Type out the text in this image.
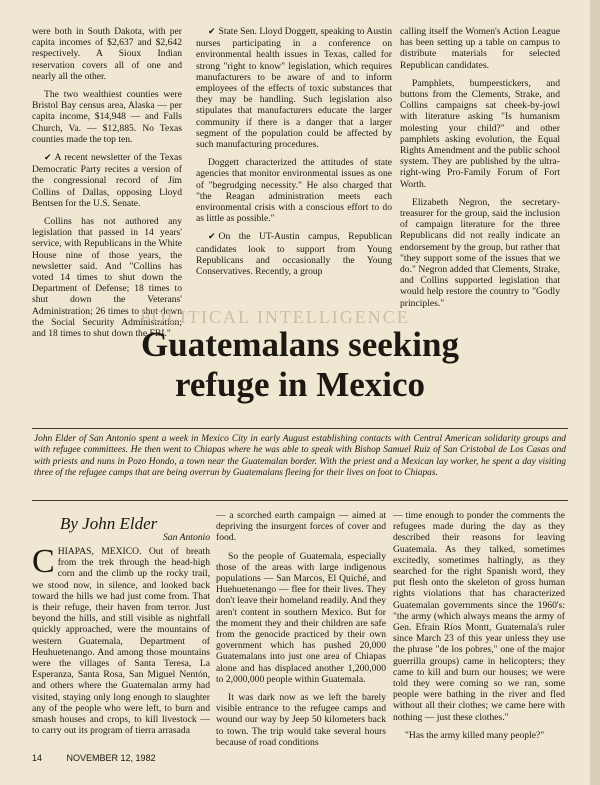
were both in South Dakota, with per capita incomes of $2,637 and $2,642 respectively. A Sioux Indian reservation covers all of one and nearly all the other.

The two wealthiest counties were Bristol Bay census area, Alaska — per capita income, $14,948 — and Falls Church, Va. — $12,885. No Texas counties made the top ten.

✔ A recent newsletter of the Texas Democratic Party recites a version of the congressional record of Jim Collins of Dallas, opposing Lloyd Bentsen for the U.S. Senate.

Collins has not authored any legislation that passed in 14 years' service, with Republicans in the White House nine of those years, the newsletter said. And "Collins has voted 14 times to shut down the Department of Defense; 18 times to shut down the Veterans' Administration; 26 times to shut down the Social Security Administration; and 18 times to shut down the FBI."

✔ State Sen. Lloyd Doggett, speaking to Austin nurses participating in a conference on environmental health issues in Texas, called for strong "right to know" legislation, which requires manufacturers to be aware of and to inform employees of the effects of toxic substances that they may be handling. Such legislation also stipulates that manufacturers educate the larger community if there is a danger that a larger segment of the population could be affected by such manufacturing procedures.

Doggett characterized the attitudes of state agencies that monitor environmental issues as one of "begrudging necessity." He also charged that "the Reagan administration meets each environmental crisis with a conscious effort to do as little as possible."

✔ On the UT-Austin campus, Republican candidates look to support from Young Republicans and occasionally the Young Conservatives. Recently, a group

calling itself the Women's Action League has been setting up a table on campus to distribute materials for selected Republican candidates.

Pamphlets, bumperstickers, and buttons from the Clements, Strake, and Collins campaigns sat cheek-by-jowl with literature asking "Is humanism molesting your child?" and other pamphlets asking evolution, the Equal Rights Amendment and the public school system. They are published by the ultra-right-wing Pro-Family Forum of Fort Worth.

Elizabeth Negron, the secretary-treasurer for the group, said the inclusion of campaign literature for the three Republicans did not really indicate an endorsement by the group, but rather that "they support some of the issues that we do." Negron added that Clements, Strake, and Collins supported legislation that would help restore the country to "Godly principles."

POLITICAL INTELLIGENCE
Guatemalans seeking
refuge in Mexico
John Elder of San Antonio spent a week in Mexico City in early August establishing contacts with Central American solidarity groups and with refugee committees. He then went to Chiapas where he was able to speak with Bishop Samuel Ruiz of San Cristobal de Los Casas and with priests and nuns in Pozo Hondo, a town near the Guatemalan border. With the priest and a Mexican lay worker, he spent a day visiting three of the refugee camps that are being overrun by Guatemalans fleeing for their lives on foot to Chiapas.
By John Elder
San Antonio

CHIAPAS, MEXICO. Out of breath from the trek through the head-high corn and the climb up the rocky trail, we stood now, in silence, and looked back toward the hills we had just come from. That is their refuge, their haven from terror. Just beyond the hills, and still visible as nightfall quickly approached, were the mountains of western Guatemala, Department of Heuhuetenango. And among those mountains were the villages of Santa Teresa, La Esperanza, Santa Rosa, San Miguel Nentón, and others where the Guatemalan army had visited, staying only long enough to slaughter any of the people who were left, to burn and smash houses and crops, to kill livestock — to carry out its program of tierra arrasada

— a scorched earth campaign — aimed at depriving the insurgent forces of cover and food.

So the people of Guatemala, especially those of the areas with large indigenous populations — San Marcos, El Quiché, and Huehuetenango — flee for their lives. They don't leave their homeland readily. And they aren't content in southern Mexico. But for the moment they and their children are safe from the genocide practiced by their own government which has pushed 20,000 Guatemalans into just one area of Chiapas alone and has displaced another 1,200,000 to 2,000,000 people within Guatemala.

It was dark now as we left the barely visible entrance to the refugee camps and wound our way by Jeep 50 kilometers back to town. The trip would take several hours because of road conditions

— time enough to ponder the comments the refugees made during the day as they described their reasons for leaving Guatemala. As they talked, sometimes excitedly, sometimes haltingly, as they searched for the right Spanish word, they put flesh onto the skeleton of gross human rights violations that has characterized Guatemalan governments since the 1960's: "the army (which always means the army of Gen. Efraín Ríos Montt, Guatemala's ruler since March 23 of this year unless they use the phrase "de los pobres," one of the major guerrilla groups) came in helicopters; they came to kill and burn our houses; we were told they were coming so we ran, some people were bathing in the river and fled without all their clothes; we came here with nothing — just these clothes."

"Has the army killed many people?"

14	NOVEMBER 12, 1982
